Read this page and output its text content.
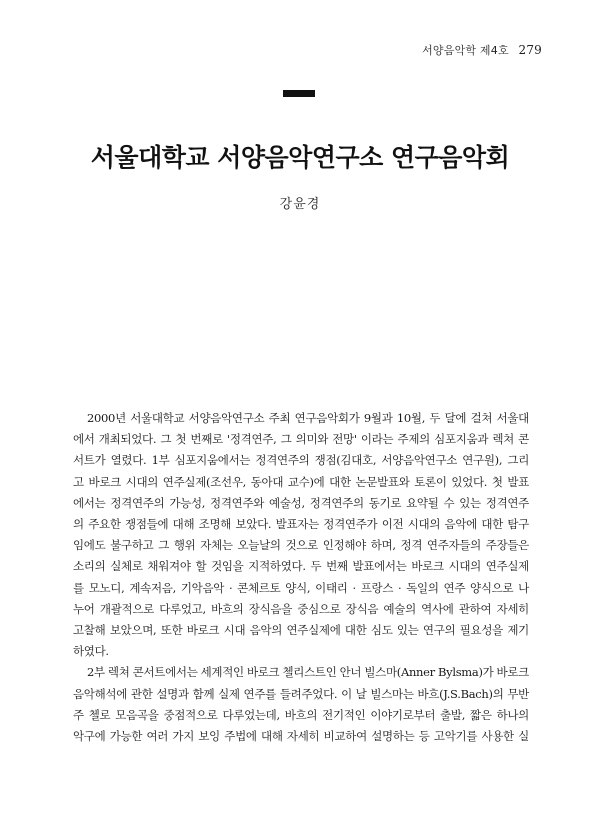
서양음악학 제4호 279
서울대학교 서양음악연구소 연구음악회

강윤경

2000년 서울대학교 서양음악연구소 주최 연구음악회가 9월과 10월, 두 달에 걸쳐 서울대
에서 개최되었다. 그 첫 번째로 '정격연주, 그 의미와 전망' 이라는 주제의 심포지움과 렉쳐 콘
서트가 열렸다. 1부 심포지움에서는 정격연주의 쟁점(김대호, 서양음악연구소 연구원), 그리
고 바로크 시대의 연주실제(조선우, 동아대 교수)에 대한 논문발표와 토론이 있었다. 첫 발표
에서는 정격연주의 가능성, 정격연주와 예술성, 정격연주의 동기로 요약될 수 있는 정격연주
의 주요한 쟁점들에 대해 조명해 보았다. 발표자는 정격연주가 이전 시대의 음악에 대한 탐구
임에도 불구하고 그 행위 자체는 오늘날의 것으로 인정해야 하며, 정격 연주자들의 주장들은
소리의 실체로 채워져야 할 것임을 지적하였다. 두 번째 발표에서는 바로크 시대의 연주실제
를 모노디, 계속저음, 기악음악 · 콘체르토 양식, 이태리 · 프랑스 · 독일의 연주 양식으로 나
누어 개괄적으로 다루었고, 바흐의 장식음을 중심으로 장식음 예술의 역사에 관하여 자세히
고찰해 보았으며, 또한 바로크 시대 음악의 연주실제에 대한 심도 있는 연구의 필요성을 제기
하였다.
2부 렉쳐 콘서트에서는 세계적인 바로크 첼리스트인 안너 빌스마(Anner Bylsma)가 바로크
음악해석에 관한 설명과 함께 실제 연주를 들려주었다. 이 날 빌스마는 바흐(J.S.Bach)의 무반
주 첼로 모음곡을 중점적으로 다루었는데, 바흐의 전기적인 이야기로부터 출발, 짧은 하나의
악구에 가능한 여러 가지 보잉 주법에 대해 자세히 비교하여 설명하는 등 고악기를 사용한 실
